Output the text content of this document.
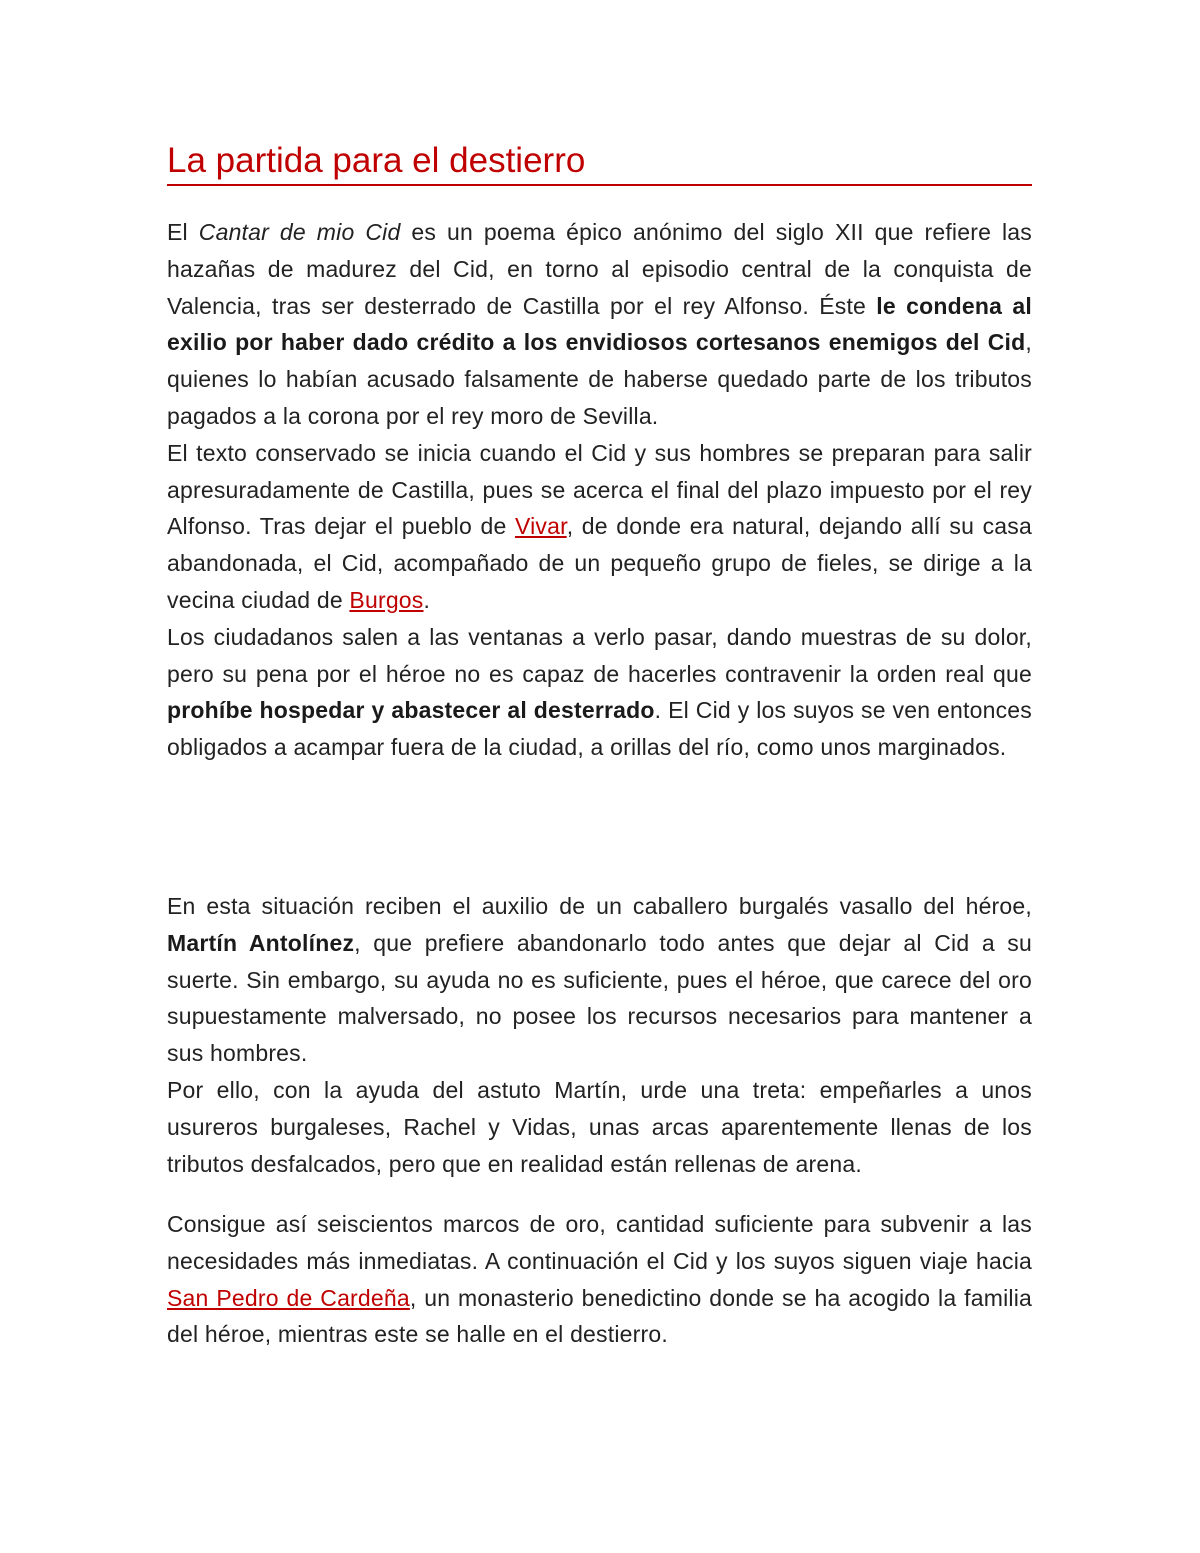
La partida para el destierro

El Cantar de mio Cid es un poema épico anónimo del siglo XII que refiere las hazañas de madurez del Cid, en torno al episodio central de la conquista de Valencia, tras ser desterrado de Castilla por el rey Alfonso. Éste le condena al exilio por haber dado crédito a los envidiosos cortesanos enemigos del Cid, quienes lo habían acusado falsamente de haberse quedado parte de los tributos pagados a la corona por el rey moro de Sevilla.

El texto conservado se inicia cuando el Cid y sus hombres se preparan para salir apresuradamente de Castilla, pues se acerca el final del plazo impuesto por el rey Alfonso. Tras dejar el pueblo de Vivar, de donde era natural, dejando allí su casa abandonada, el Cid, acompañado de un pequeño grupo de fieles, se dirige a la vecina ciudad de Burgos.

Los ciudadanos salen a las ventanas a verlo pasar, dando muestras de su dolor, pero su pena por el héroe no es capaz de hacerles contravenir la orden real que prohíbe hospedar y abastecer al desterrado. El Cid y los suyos se ven entonces obligados a acampar fuera de la ciudad, a orillas del río, como unos marginados.

En esta situación reciben el auxilio de un caballero burgalés vasallo del héroe, Martín Antolínez, que prefiere abandonarlo todo antes que dejar al Cid a su suerte. Sin embargo, su ayuda no es suficiente, pues el héroe, que carece del oro supuestamente malversado, no posee los recursos necesarios para mantener a sus hombres.

Por ello, con la ayuda del astuto Martín, urde una treta: empeñarles a unos usureros burgaleses, Rachel y Vidas, unas arcas aparentemente llenas de los tributos desfalcados, pero que en realidad están rellenas de arena.

Consigue así seiscientos marcos de oro, cantidad suficiente para subvenir a las necesidades más inmediatas. A continuación el Cid y los suyos siguen viaje hacia San Pedro de Cardeña, un monasterio benedictino donde se ha acogido la familia del héroe, mientras este se halle en el destierro.
